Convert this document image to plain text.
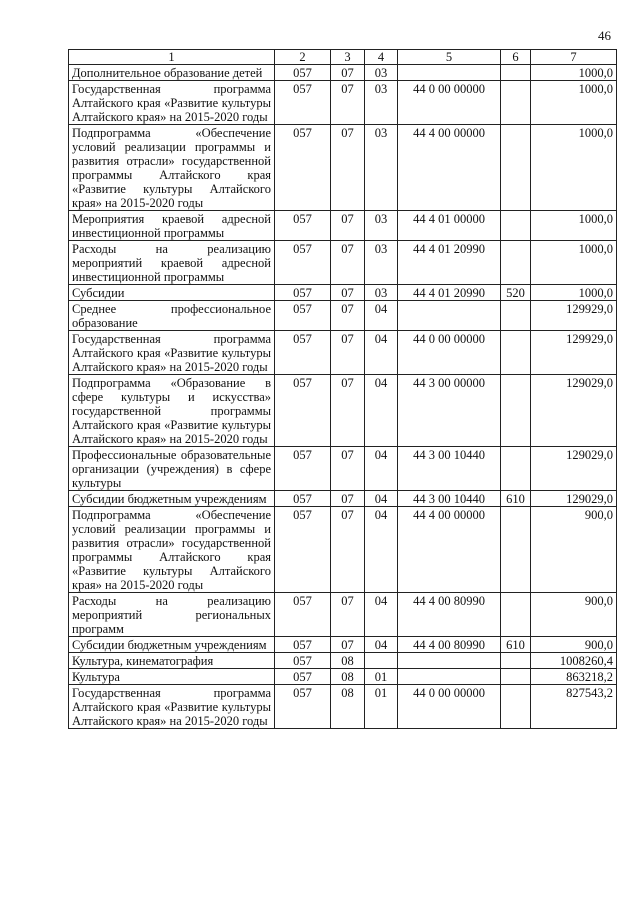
46
1	2	3	4	5	6	7
Дополнительное образование детей	057	07	03			1000,0
Государственная программа Алтайского края «Развитие культуры Алтайского края» на 2015-2020 годы	057	07	03	44 0 00 00000		1000,0
Подпрограмма «Обеспечение условий реализации программы и развития отрасли» государственной программы Алтайского края «Развитие культуры Алтайского края» на 2015-2020 годы	057	07	03	44 4 00 00000		1000,0
Мероприятия краевой адресной инвестиционной программы	057	07	03	44 4 01 00000		1000,0
Расходы на реализацию мероприятий краевой адресной инвестиционной программы	057	07	03	44 4 01 20990		1000,0
Субсидии	057	07	03	44 4 01 20990	520	1000,0
Среднее профессиональное образование	057	07	04			129929,0
Государственная программа Алтайского края «Развитие культуры Алтайского края» на 2015-2020 годы	057	07	04	44 0 00 00000		129929,0
Подпрограмма «Образование в сфере культуры и искусства» государственной программы Алтайского края «Развитие культуры Алтайского края» на 2015-2020 годы	057	07	04	44 3 00 00000		129029,0
Профессиональные образовательные организации (учреждения) в сфере культуры	057	07	04	44 3 00 10440		129029,0
Субсидии бюджетным учреждениям	057	07	04	44 3 00 10440	610	129029,0
Подпрограмма «Обеспечение условий реализации программы и развития отрасли» государственной программы Алтайского края «Развитие культуры Алтайского края» на 2015-2020 годы	057	07	04	44 4 00 00000		900,0
Расходы на реализацию мероприятий региональных программ	057	07	04	44 4 00 80990		900,0
Субсидии бюджетным учреждениям	057	07	04	44 4 00 80990	610	900,0
Культура, кинематография	057	08				1008260,4
Культура	057	08	01			863218,2
Государственная программа Алтайского края «Развитие культуры Алтайского края» на 2015-2020 годы	057	08	01	44 0 00 00000		827543,2
